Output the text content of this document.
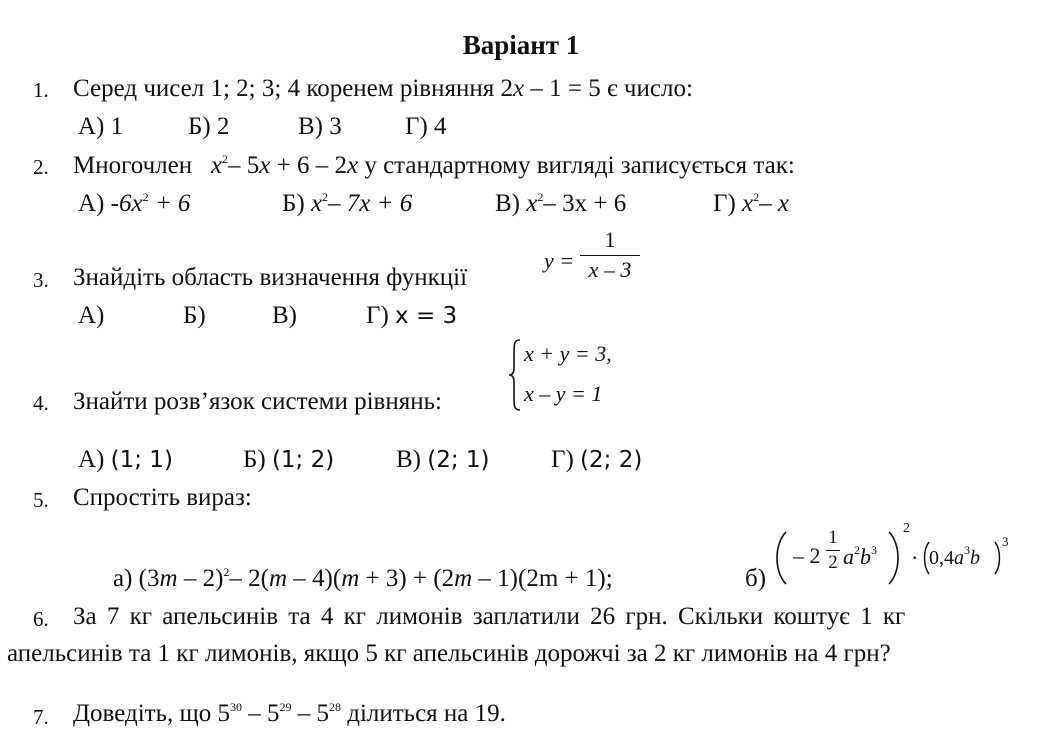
Варіант 1
1. Серед чисел 1; 2; 3; 4 коренем рівняння 2x – 1 = 5 є число:
А) 1	Б) 2	В) 3	Г) 4
2. Многочлен $x^2-$ 5x + 6 – 2x у стандартному вигляді записується так:
А) $-6x^2 + 6$	Б) $x^2-$ 7x + 6	В) $x^2-$ 3x + 6	Г) $x^2-$ x
3. Знайдіть область визначення функції
$y = \frac{1}{x - 3}$
А)	Б)	В)	Г) x = 3
4. Знайти розв’язок системи рівнянь:
x + y = 3,
x – y = 1
А) (1; 1)	Б) (1; 2) В) (2; 1) Г) (2; 2)
5. Спростіть вираз:
а) (3m – 2)$^2$– 2(m – 4)(m + 3) + (2m – 1)(2m + 1);	б)
– $2 \frac{1}{2} a^2b^3$
2
· $0,4a^3b$
3
6. За 7 кг апельсинів та 4 кг лимонів заплатили 26 грн. Скільки коштує 1 кг
апельсинів та 1 кг лимонів, якщо 5 кг апельсинів дорожчі за 2 кг лимонів на 4 грн?
7. Доведіть, що $5^{30} - 5^{29} - 5^{28}$ ділиться на 19.
